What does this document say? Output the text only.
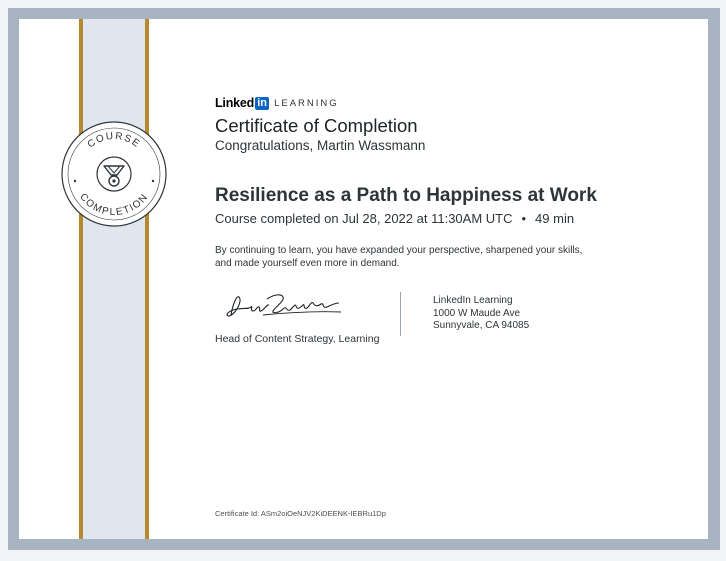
COURSE
COMPLETION
Linked in LEARNING
Certificate of Completion
Congratulations, Martin Wassmann
Resilience as a Path to Happiness at Work
Course completed on Jul 28, 2022 at 11:30AM UTC • 49 min
By continuing to learn, you have expanded your perspective, sharpened your skills, and made yourself even more in demand.
Head of Content Strategy, Learning
LinkedIn Learning
1000 W Maude Ave
Sunnyvale, CA 94085
Certificate Id: ASm2oiOeNJV2KiDEENK-IEBRu1Dp
